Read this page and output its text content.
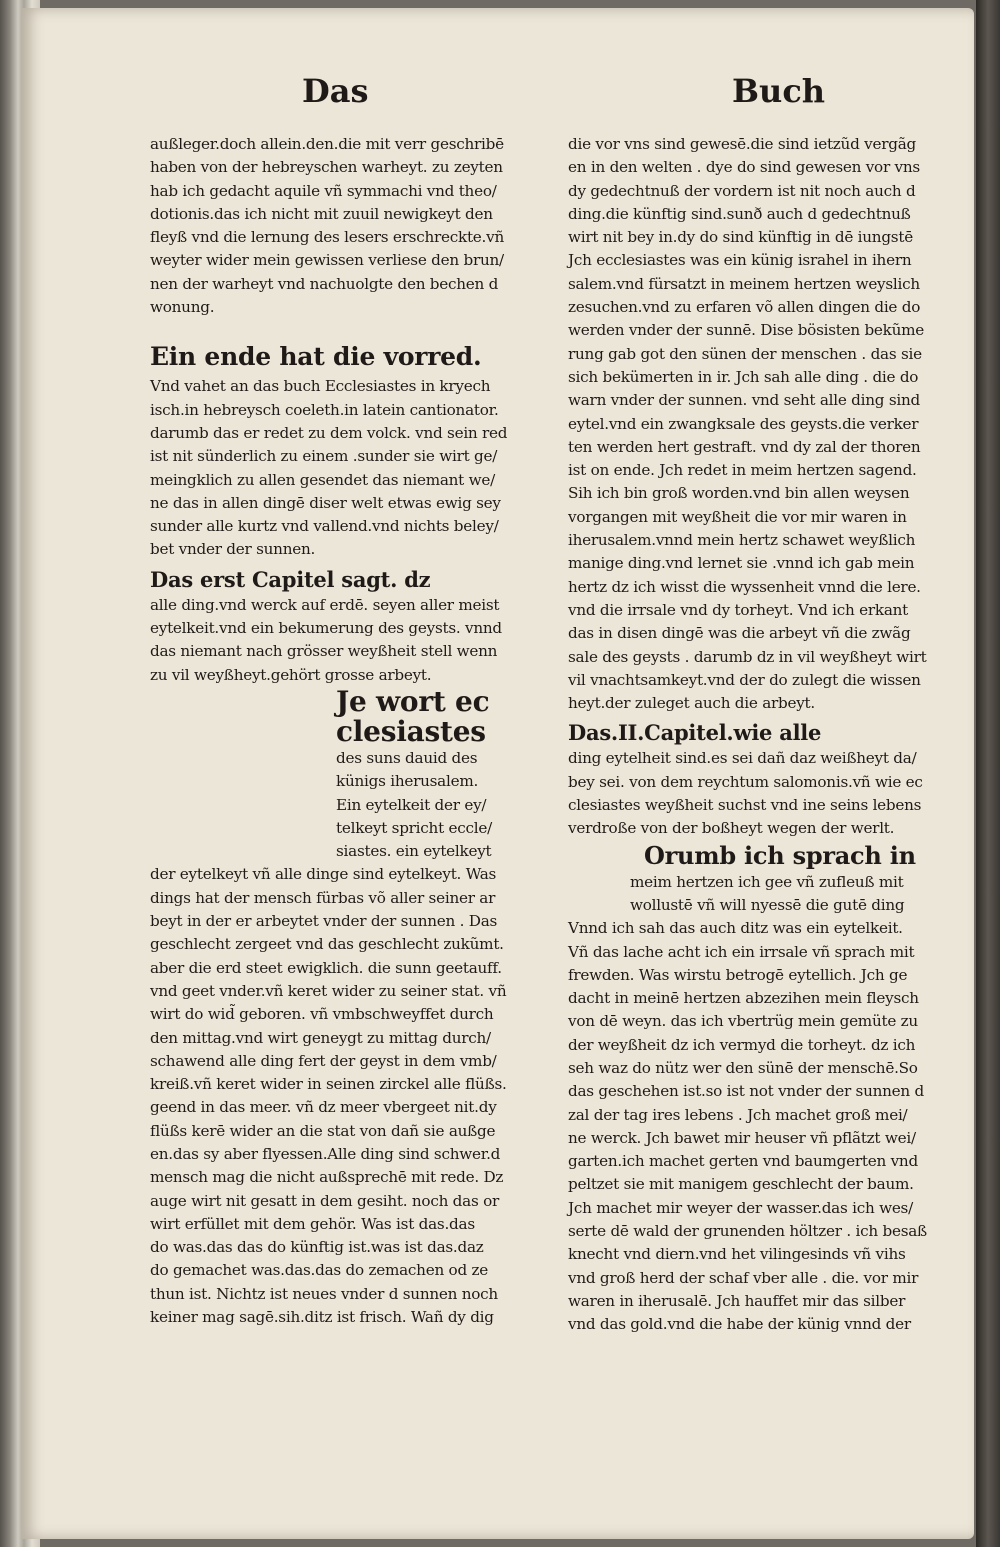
Das	Buch

außleger.doch allein.den.die mit verr geschribē

haben von der hebreyschen warheyt. zu zeyten

hab ich gedacht aquile vñ symmachi vnd theo/

dotionis.das ich nicht mit zuuil newigkeyt den

fleyß vnd die lernung des lesers erschreckte.vñ

weyter wider mein gewissen verliese den brun/

nen der warheyt vnd nachuolgte den bechen d

wonung.

Ein ende hat die vorred.

Vnd vahet an das buch Ecclesiastes in kryech

isch.in hebreysch coeleth.in latein cantionator.

darumb das er redet zu dem volck. vnd sein red

ist nit sünderlich zu einem .sunder sie wirt ge/

meingklich zu allen gesendet das niemant we/

ne das in allen dingē diser welt etwas ewig sey

sunder alle kurtz vnd vallend.vnd nichts beley/

bet vnder der sunnen.

Das erst Capitel sagt. dz

alle ding.vnd werck auf erdē. seyen aller meist

eytelkeit.vnd ein bekumerung des geysts. vnnd

das niemant nach grösser weyßheit stell wenn

zu vil weyßheyt.gehört grosse arbeyt.

Je wort ec

clesiastes

des suns dauid des

künigs iherusalem.

Ein eytelkeit der ey/

telkeyt spricht eccle/

siastes. ein eytelkeyt

der eytelkeyt vñ alle dinge sind eytelkeyt. Was

dings hat der mensch fürbas võ aller seiner ar

beyt in der er arbeytet vnder der sunnen . Das

geschlecht zergeet vnd das geschlecht zukũmt.

aber die erd steet ewigklich. die sunn geetauff.

vnd geet vnder.vñ keret wider zu seiner stat. vñ

wirt do wid̃ geboren. vñ vmbschweyffet durch

den mittag.vnd wirt geneygt zu mittag durch/

schawend alle ding fert der geyst in dem vmb/

kreiß.vñ keret wider in seinen zirckel alle flüßs.

geend in das meer. vñ dz meer vbergeet nit.dy

flüßs kerē wider an die stat von dañ sie außge

en.das sy aber flyessen.Alle ding sind schwer.d

mensch mag die nicht außsprechē mit rede. Dz

auge wirt nit gesatt in dem gesiht. noch das or

wirt erfüllet mit dem gehör. Was ist das.das

do was.das das do künftig ist.was ist das.daz

do gemachet was.das.das do zemachen od ze

thun ist. Nichtz ist neues vnder d sunnen noch

keiner mag sagē.sih.ditz ist frisch. Wañ dy dig

die vor vns sind gewesē.die sind ietzũd vergãg

en in den welten . dye do sind gewesen vor vns

dy gedechtnuß der vordern ist nit noch auch d

ding.die künftig sind.sunð auch d gedechtnuß

wirt nit bey in.dy do sind künftig in dē iungstē

Jch ecclesiastes was ein künig israhel in ihern

salem.vnd fürsatzt in meinem hertzen weyslich

zesuchen.vnd zu erfaren võ allen dingen die do

werden vnder der sunnē. Dise bösisten bekũme

rung gab got den sünen der menschen . das sie

sich bekümerten in ir. Jch sah alle ding . die do

warn vnder der sunnen. vnd seht alle ding sind

eytel.vnd ein zwangksale des geysts.die verker

ten werden hert gestraft. vnd dy zal der thoren

ist on ende. Jch redet in meim hertzen sagend.

Sih ich bin groß worden.vnd bin allen weysen

vorgangen mit weyßheit die vor mir waren in

iherusalem.vnnd mein hertz schawet weyßlich

manige ding.vnd lernet sie .vnnd ich gab mein

hertz dz ich wisst die wyssenheit vnnd die lere.

vnd die irrsale vnd dy torheyt. Vnd ich erkant

das in disen dingē was die arbeyt vñ die zwãg

sale des geysts . darumb dz in vil weyßheyt wirt

vil vnachtsamkeyt.vnd der do zulegt die wissen

heyt.der zuleget auch die arbeyt.

Das.II.Capitel.wie alle

ding eytelheit sind.es sei dañ daz weißheyt da/

bey sei. von dem reychtum salomonis.vñ wie ec

clesiastes weyßheit suchst vnd ine seins lebens

verdroße von der boßheyt wegen der werlt.

Orumb ich sprach in

meim hertzen ich gee vñ zufleuß mit

wollustē vñ will nyessē die gutē ding

Vnnd ich sah das auch ditz was ein eytelkeit.

Vñ das lache acht ich ein irrsale vñ sprach mit

frewden. Was wirstu betrogē eytellich. Jch ge

dacht in meinē hertzen abzezihen mein fleysch

von dē weyn. das ich vbertrüg mein gemüte zu

der weyßheit dz ich vermyd die torheyt. dz ich

seh waz do nütz wer den sünē der menschē.So

das geschehen ist.so ist not vnder der sunnen d

zal der tag ires lebens . Jch machet groß mei/

ne werck. Jch bawet mir heuser vñ pflãtzt wei/

garten.ich machet gerten vnd baumgerten vnd

peltzet sie mit manigem geschlecht der baum.

Jch machet mir weyer der wasser.das ich wes/

serte dē wald der grunenden höltzer . ich besaß

knecht vnd diern.vnd het vilingesinds vñ vihs

vnd groß herd der schaf vber alle . die. vor mir

waren in iherusalē. Jch hauffet mir das silber

vnd das gold.vnd die habe der künig vnnd der
